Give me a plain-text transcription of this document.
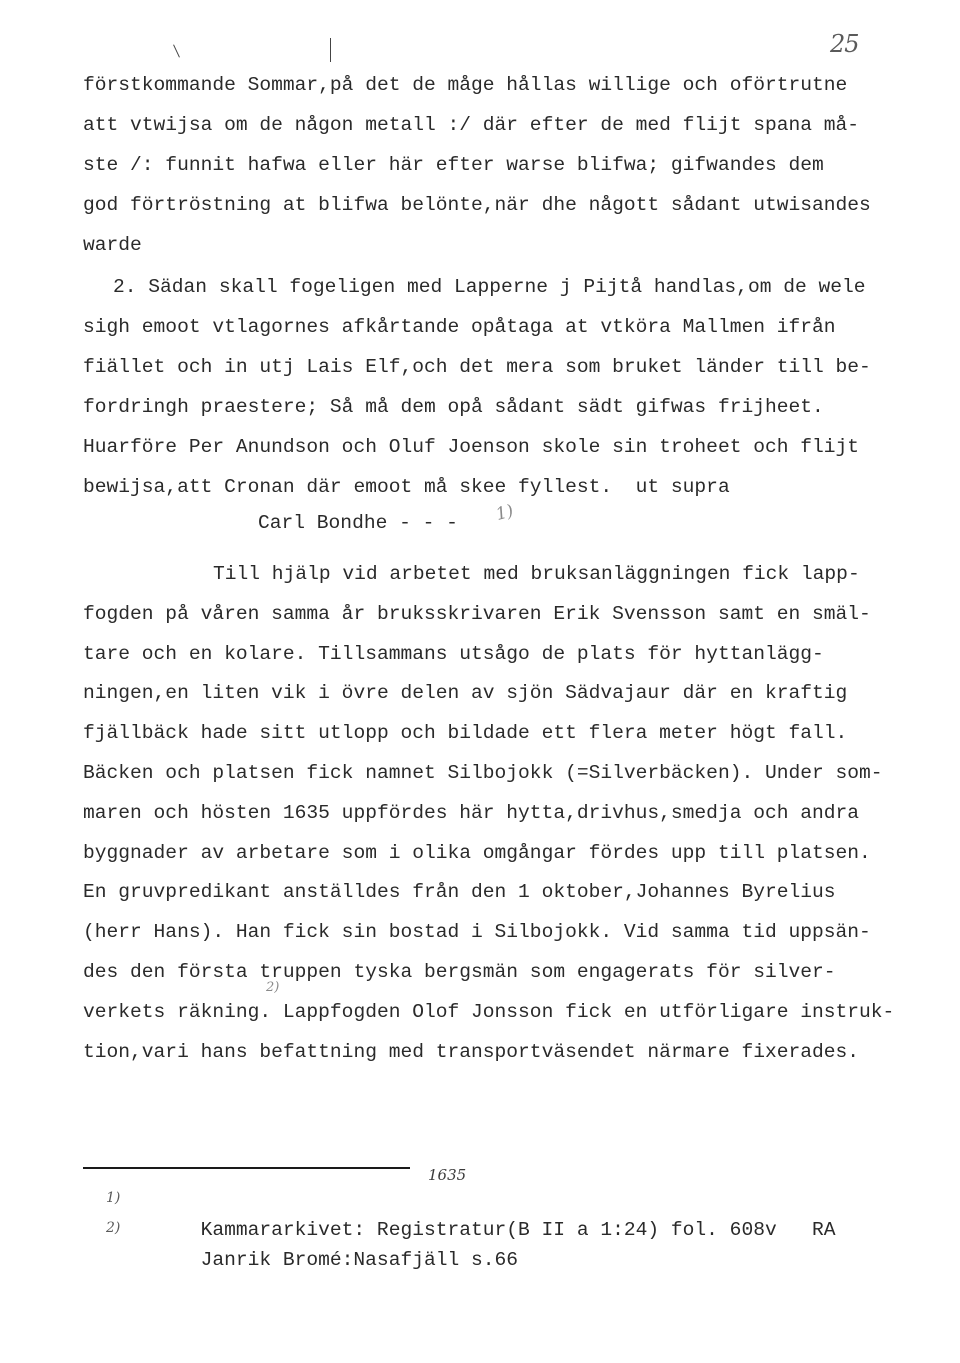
25
förstkommande Sommar,på det de måge hållas willige och oförtrutne
att vtwijsa om de någon metall :/ där efter de med flijt spana må-
ste /: funnit hafwa eller här efter warse blifwa; gifwandes dem
god förtröstning at blifwa belönte,när dhe någott sådant utwisandes
warde
2. Sädan skall fogeligen med Lapperne j Pijtå handlas,om de wele
sigh emoot vtlagornes afkårtande opåtaga at vtköra Mallmen ifrån
fiället och in utj Lais Elf,och det mera som bruket länder till be-
fordringh praestere; Så må dem opå sådant sädt gifwas frijheet.
Huarföre Per Anundson och Oluf Joenson skole sin troheet och flijt
bewijsa,att Cronan där emoot må skee fyllest.  ut supra
Carl Bondhe - - -	1)
Till hjälp vid arbetet med bruksanläggningen fick lapp-
fogden på våren samma år bruksskrivaren Erik Svensson samt en smäl-
tare och en kolare. Tillsammans utsågo de plats för hyttanlägg-
ningen,en liten vik i övre delen av sjön Sädvajaur där en kraftig
fjällbäck hade sitt utlopp och bildade ett flera meter högt fall.
Bäcken och platsen fick namnet Silbojokk (=Silverbäcken). Under som-
maren och hösten 1635 uppfördes här hytta,drivhus,smedja och andra
byggnader av arbetare som i olika omgångar fördes upp till platsen.
En gruvpredikant anställdes från den 1 oktober,Johannes Byrelius
(herr Hans). Han fick sin bostad i Silbojokk. Vid samma tid uppsän-
des den första truppen tyska bergsmän som engagerats för silver-
verkets räkning. Lappfogden Olof Jonsson fick en utförligare instruk-
tion,vari hans befattning med transportväsendet närmare fixerades.
2)
1635

1)
Kammararkivet: Registratur(B II a 1:24) fol. 608v   RA

2)
Janrik Bromé:Nasafjäll s.66
